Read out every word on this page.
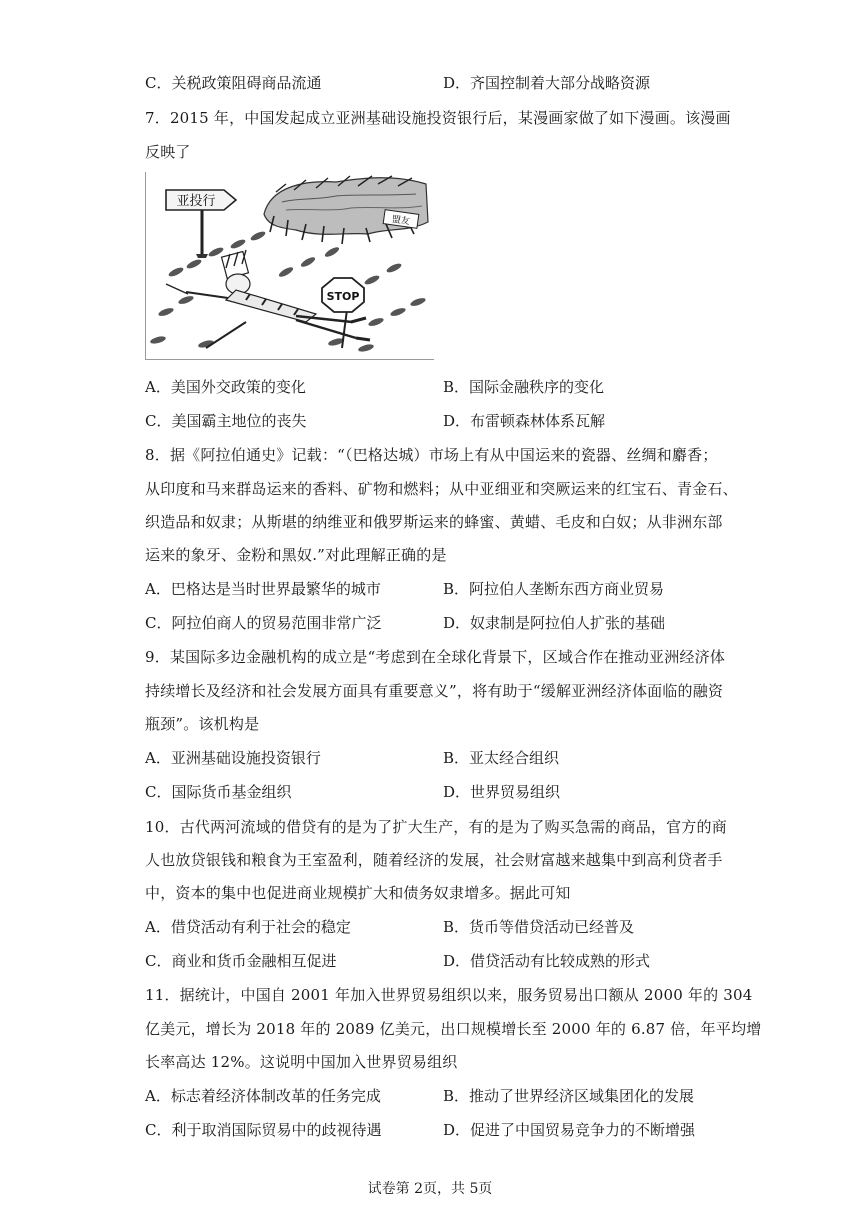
C．关税政策阻碍商品流通	D．齐国控制着大部分战略资源
7．2015 年，中国发起成立亚洲基础设施投资银行后，某漫画家做了如下漫画。该漫画
反映了
亚投行
盟友
STOP
A．美国外交政策的变化	B．国际金融秩序的变化
C．美国霸主地位的丧失	D．布雷顿森林体系瓦解
8．据《阿拉伯通史》记载：“（巴格达城）市场上有从中国运来的瓷器、丝绸和麝香；
从印度和马来群岛运来的香料、矿物和燃料；从中亚细亚和突厥运来的红宝石、青金石、
织造品和奴隶；从斯堪的纳维亚和俄罗斯运来的蜂蜜、黄蜡、毛皮和白奴；从非洲东部
运来的象牙、金粉和黑奴.”对此理解正确的是
A．巴格达是当时世界最繁华的城市	B．阿拉伯人垄断东西方商业贸易
C．阿拉伯商人的贸易范围非常广泛	D．奴隶制是阿拉伯人扩张的基础
9．某国际多边金融机构的成立是“考虑到在全球化背景下，区域合作在推动亚洲经济体
持续增长及经济和社会发展方面具有重要意义”，将有助于“缓解亚洲经济体面临的融资
瓶颈”。该机构是
A．亚洲基础设施投资银行	B．亚太经合组织
C．国际货币基金组织	D．世界贸易组织
10．古代两河流域的借贷有的是为了扩大生产，有的是为了购买急需的商品，官方的商
人也放贷银钱和粮食为王室盈利，随着经济的发展，社会财富越来越集中到高利贷者手
中，资本的集中也促进商业规模扩大和债务奴隶增多。据此可知
A．借贷活动有利于社会的稳定	B．货币等借贷活动已经普及
C．商业和货币金融相互促进	D．借贷活动有比较成熟的形式
11．据统计，中国自 2001 年加入世界贸易组织以来，服务贸易出口额从 2000 年的 304
亿美元，增长为 2018 年的 2089 亿美元，出口规模增长至 2000 年的 6.87 倍，年平均增
长率高达 12%。这说明中国加入世界贸易组织
A．标志着经济体制改革的任务完成	B．推动了世界经济区域集团化的发展
C．利于取消国际贸易中的歧视待遇	D．促进了中国贸易竞争力的不断增强
试卷第 2页，共 5页
